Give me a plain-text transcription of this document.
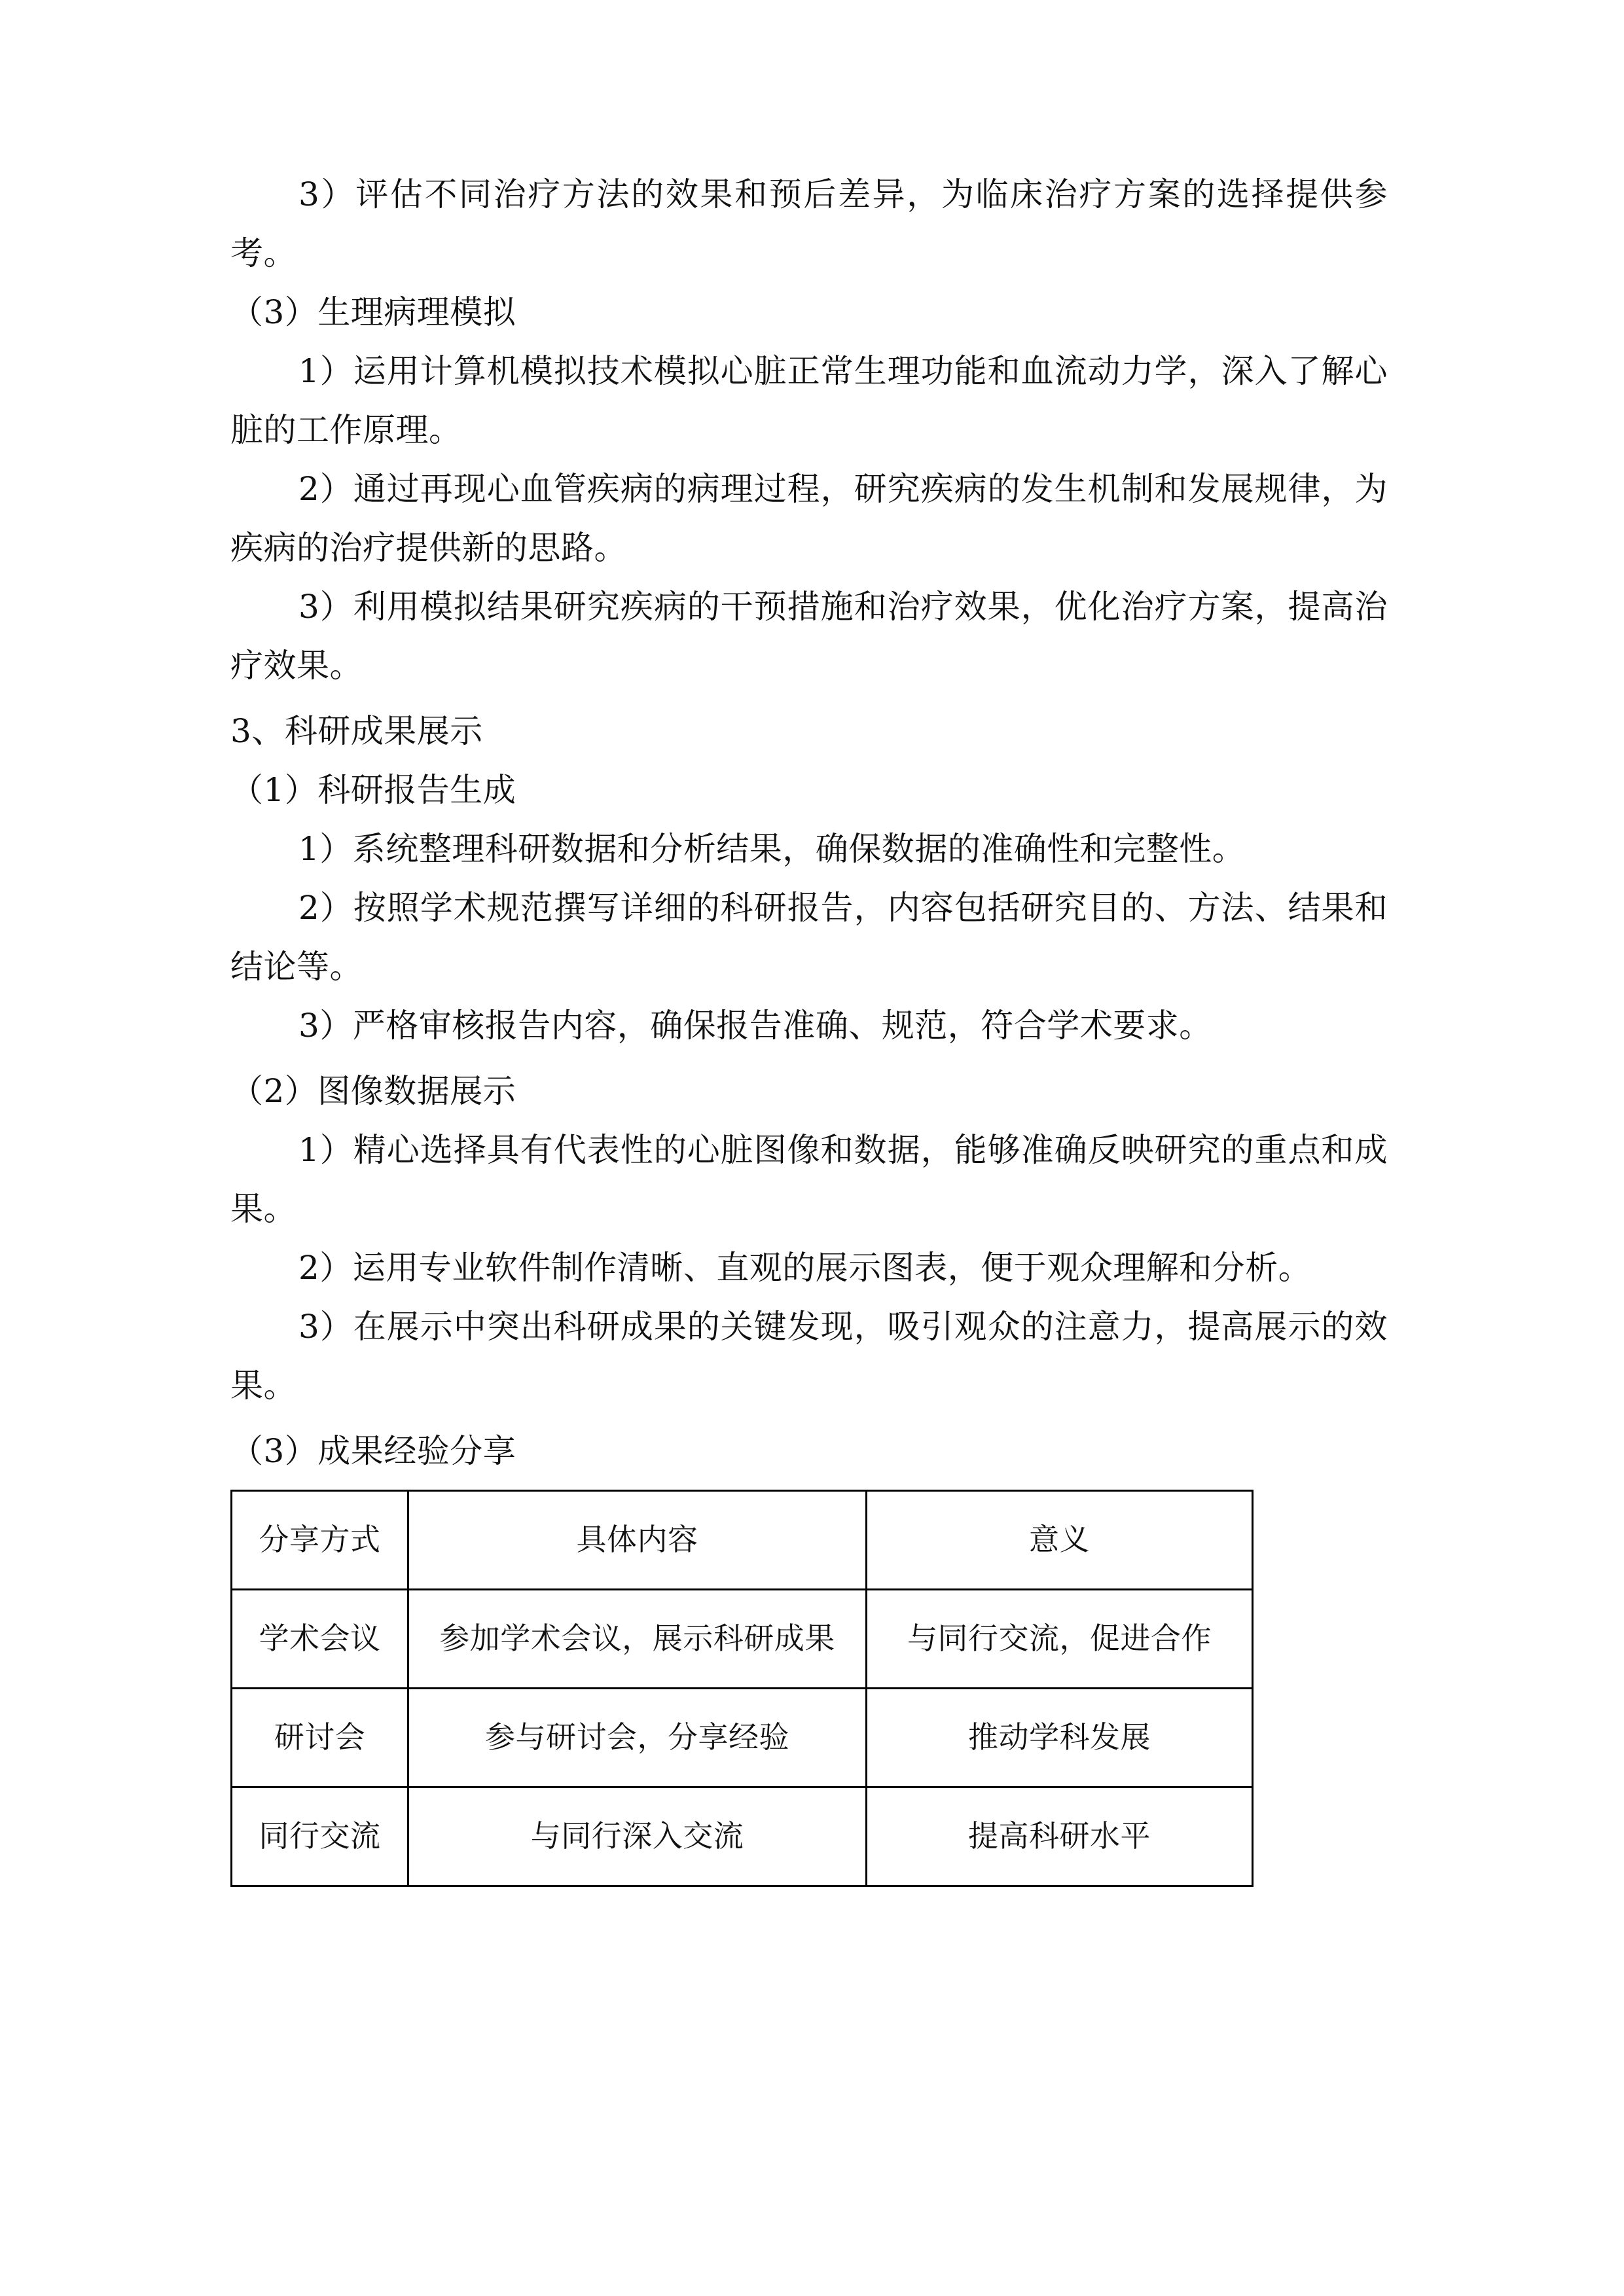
3）评估不同治疗方法的效果和预后差异，为临床治疗方案的选择提供参考。

（3）生理病理模拟

1）运用计算机模拟技术模拟心脏正常生理功能和血流动力学，深入了解心脏的工作原理。

2）通过再现心血管疾病的病理过程，研究疾病的发生机制和发展规律，为疾病的治疗提供新的思路。

3）利用模拟结果研究疾病的干预措施和治疗效果，优化治疗方案，提高治疗效果。

3、科研成果展示

（1）科研报告生成

1）系统整理科研数据和分析结果，确保数据的准确性和完整性。

2）按照学术规范撰写详细的科研报告，内容包括研究目的、方法、结果和结论等。

3）严格审核报告内容，确保报告准确、规范，符合学术要求。

（2）图像数据展示

1）精心选择具有代表性的心脏图像和数据，能够准确反映研究的重点和成果。

2）运用专业软件制作清晰、直观的展示图表，便于观众理解和分析。

3）在展示中突出科研成果的关键发现，吸引观众的注意力，提高展示的效果。

（3）成果经验分享

分享方式	具体内容	意义
学术会议	参加学术会议，展示科研成果	与同行交流，促进合作
研讨会	参与研讨会，分享经验	推动学科发展
同行交流	与同行深入交流	提高科研水平
